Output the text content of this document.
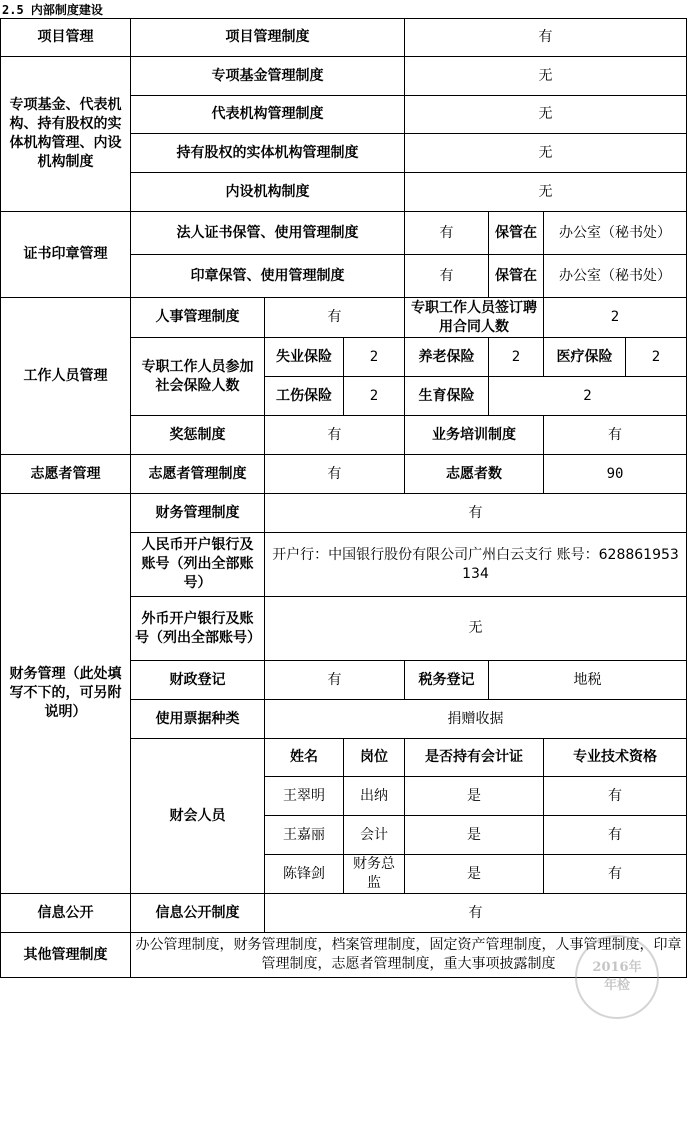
2.5 内部制度建设
项目管理	项目管理制度			有			
专项基金、代表机构、持有股权的实体机构管理、内设机构制度	专项基金管理制度			无			
	代表机构管理制度			无			
	持有股权的实体机构管理制度			无			
	内设机构制度			无			
证书印章管理	法人证书保管、使用管理制度			有	保管在	办公室（秘书处）	
	印章保管、使用管理制度			有	保管在	办公室（秘书处）	
工作人员管理	人事管理制度	有		专职工作人员签订聘用合同人数		2	
	专职工作人员参加社会保险人数	失业保险	2	养老保险	2	医疗保险	2
		工伤保险	2	生育保险	2		
	奖惩制度	有		业务培训制度		有	
志愿者管理	志愿者管理制度	有		志愿者数		90	
财务管理（此处填写不下的，可另附说明）	财务管理制度	有					
	人民币开户银行及账号（列出全部账号）	开户行：中国银行股份有限公司广州白云支行 账号：628861953134					
	外币开户银行及账号（列出全部账号）	无					
	财政登记	有		税务登记	地税		
	使用票据种类	捐赠收据					
	财会人员	姓名	岗位	是否持有会计证		专业技术资格	
		王翠明	出纳	是		有	
		王嘉丽	会计	是		有	
		陈锋剑	财务总监	是		有	
信息公开	信息公开制度	有					
其他管理制度	办公管理制度，财务管理制度，档案管理制度，固定资产管理制度，人事管理制度，印章管理制度，志愿者管理制度，重大事项披露制度							2016年
年检
